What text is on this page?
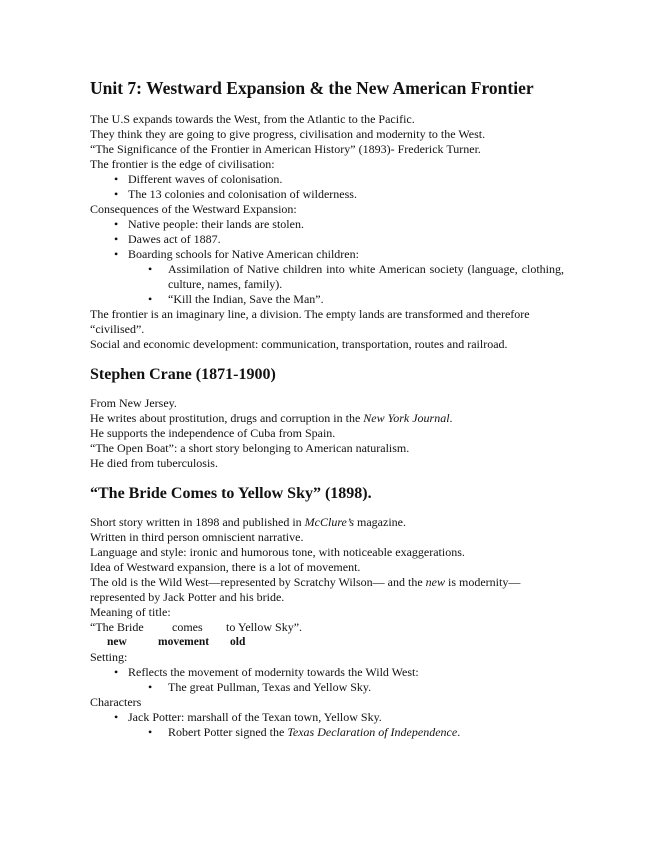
Unit 7: Westward Expansion & the New American Frontier

The U.S expands towards the West, from the Atlantic to the Pacific.

They think they are going to give progress, civilisation and modernity to the West.

“The Significance of the Frontier in American History” (1893)- Frederick Turner.

The frontier is the edge of civilisation:

• Different waves of colonisation.
• The 13 colonies and colonisation of wilderness.

Consequences of the Westward Expansion:

• Native people: their lands are stolen.
• Dawes act of 1887.
• Boarding schools for Native American children:
• Assimilation of Native children into white American society (language, clothing, culture, names, family).
• “Kill the Indian, Save the Man”.

The frontier is an imaginary line, a division. The empty lands are transformed and therefore “civilised”.

Social and economic development: communication, transportation, routes and railroad.

Stephen Crane (1871-1900)

From New Jersey.

He writes about prostitution, drugs and corruption in the New York Journal.

He supports the independence of Cuba from Spain.

“The Open Boat”: a short story belonging to American naturalism.

He died from tuberculosis.

“The Bride Comes to Yellow Sky” (1898).

Short story written in 1898 and published in McClure’s magazine.

Written in third person omniscient narrative.

Language and style: ironic and humorous tone, with noticeable exaggerations.

Idea of Westward expansion, there is a lot of movement.

The old is the Wild West—represented by Scratchy Wilson— and the new is modernity—represented by Jack Potter and his bride.

Meaning of title:

“The Bride comes to Yellow Sky”.
new	movement old

Setting:

• Reflects the movement of modernity towards the Wild West:
• The great Pullman, Texas and Yellow Sky.

Characters

• Jack Potter: marshall of the Texan town, Yellow Sky.
• Robert Potter signed the Texas Declaration of Independence.
